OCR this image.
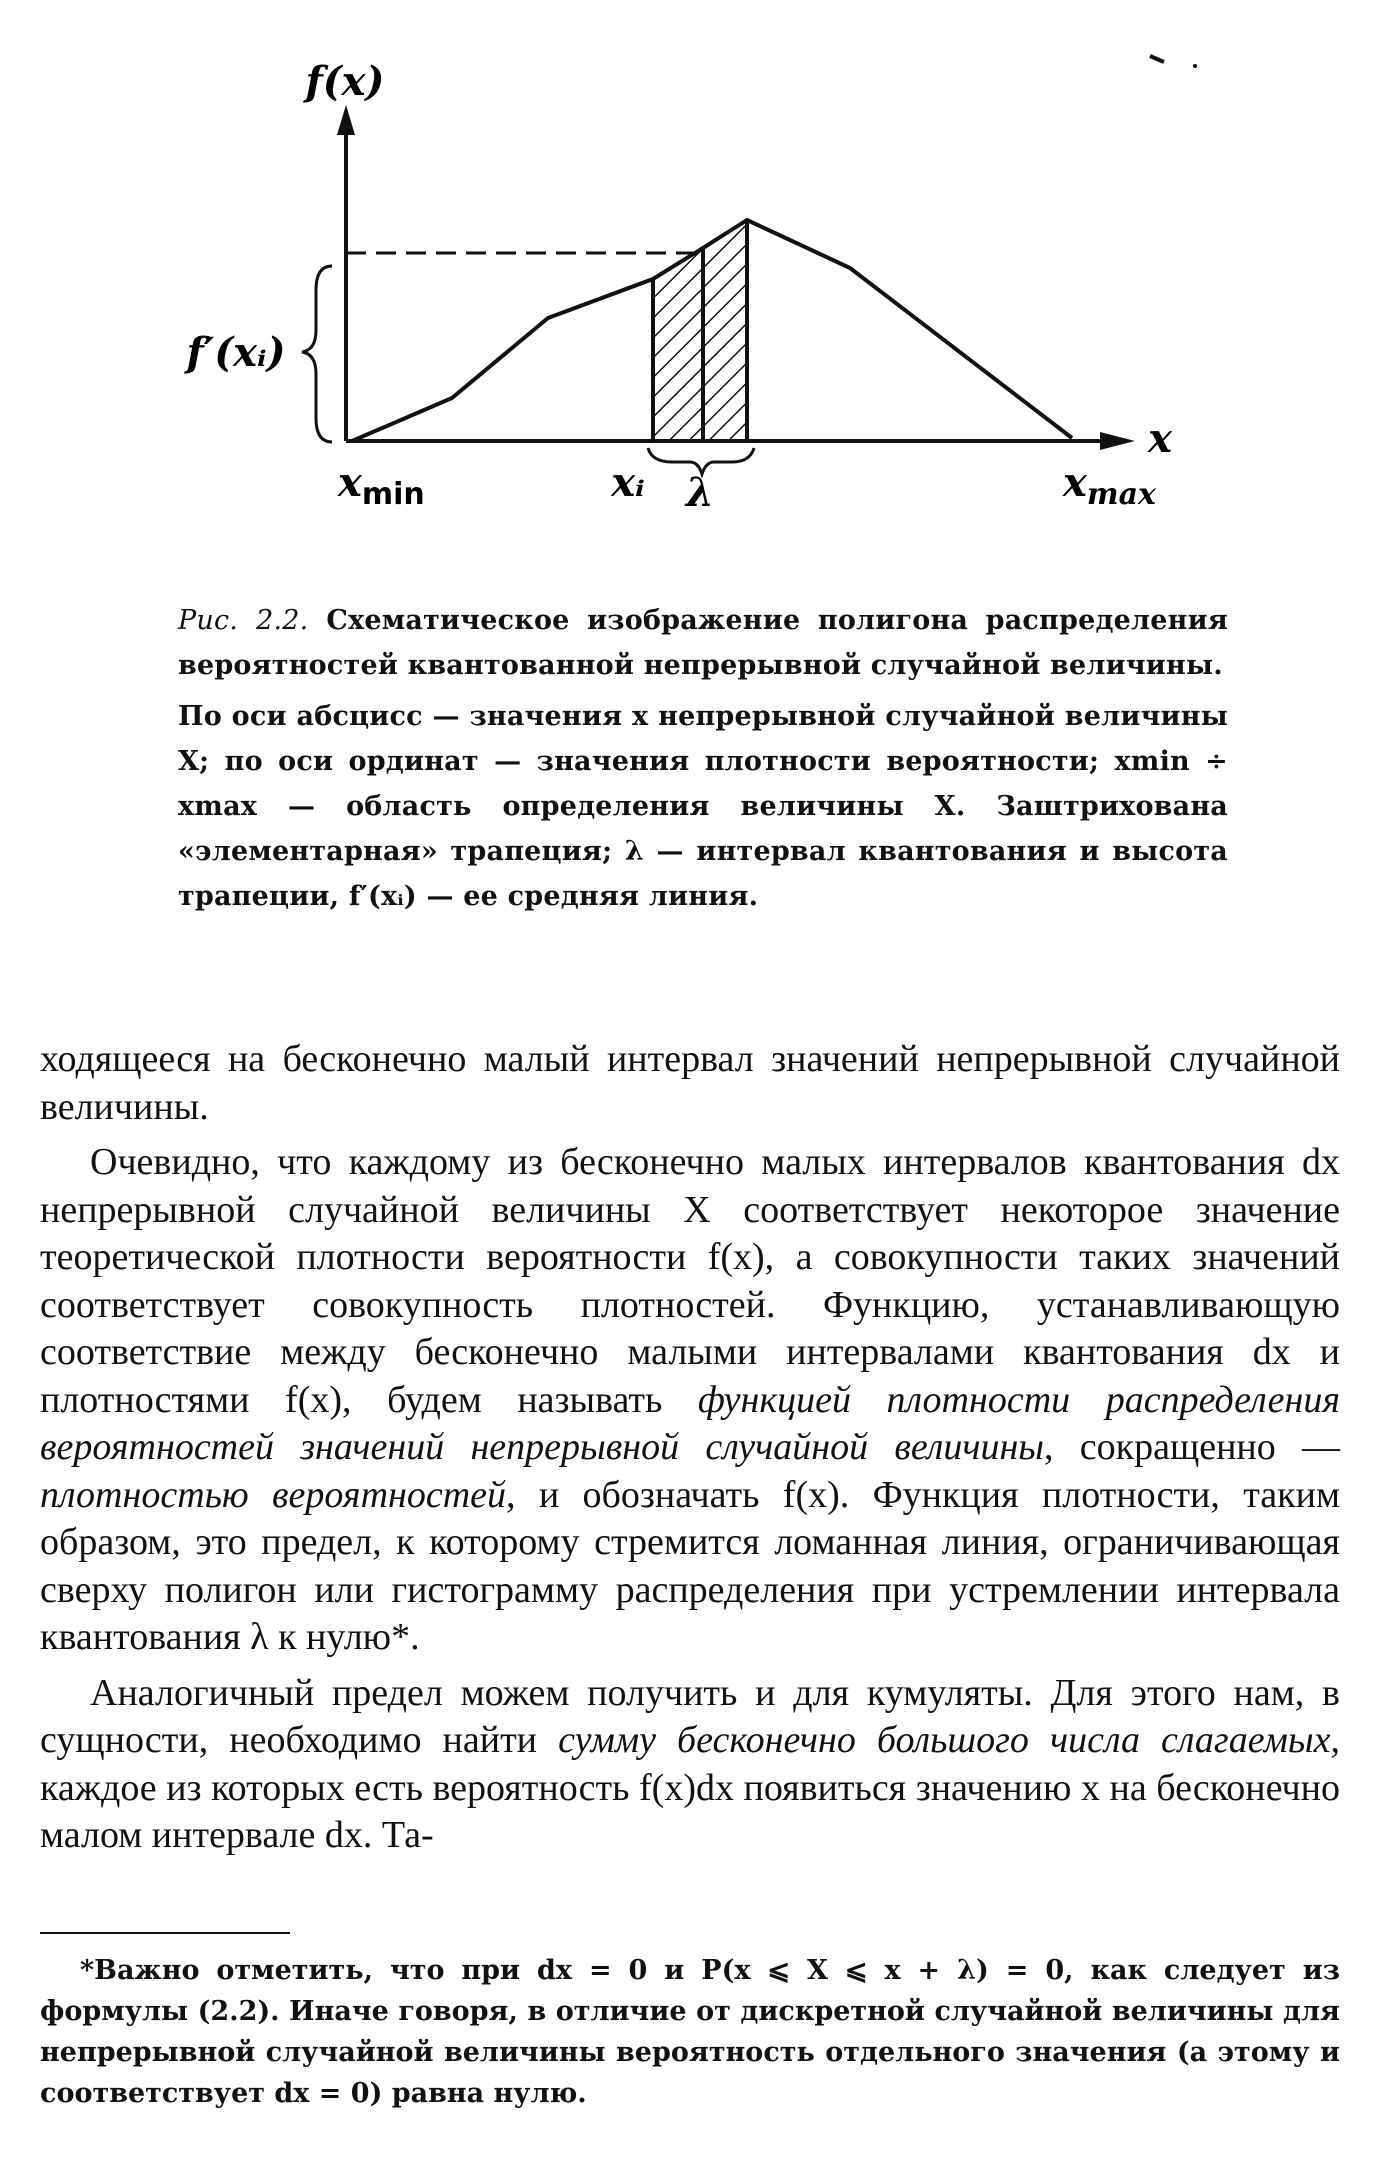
f(x)
x
f′(xᵢ)
$x_{min}$	xᵢ λ	$x_{max}$

Рис. 2.2. Схематическое изображение полигона распределения вероятностей квантованной непрерывной случайной величины.

По оси абсцисс — значения x непрерывной случайной величины X; по оси ординат — значения плотности вероятности; xmin ÷ xmax — область определения величины X. Заштрихована «элементарная» трапеция; λ — интервал квантования и высота трапеции, f′(xᵢ) — ее средняя линия.

ходящееся на бесконечно малый интервал значений непрерывной случайной величины.

Очевидно, что каждому из бесконечно малых интервалов квантования dx непрерывной случайной величины X соответствует некоторое значение теоретической плотности вероятности f(x), а совокупности таких значений соответствует совокупность плотностей. Функцию, устанавливающую соответствие между бесконечно малыми интервалами квантования dx и плотностями f(x), будем называть функцией плотности распределения вероятностей значений непрерывной случайной величины, сокращенно — плотностью вероятностей, и обозначать f(x). Функция плотности, таким образом, это предел, к которому стремится ломанная линия, ограничивающая сверху полигон или гистограмму распределения при устремлении интервала квантования λ к нулю*.

Аналогичный предел можем получить и для кумуляты. Для этого нам, в сущности, необходимо найти сумму бесконечно большого числа слагаемых, каждое из которых есть вероятность f(x)dx появиться значению x на бесконечно малом интервале dx. Та-

*Важно отметить, что при dx = 0 и P(x ⩽ X ⩽ x + λ) = 0, как следует из формулы (2.2). Иначе говоря, в отличие от дискретной случайной величины для непрерывной случайной величины вероятность отдельного значения (а этому и соответствует dx = 0) равна нулю.
